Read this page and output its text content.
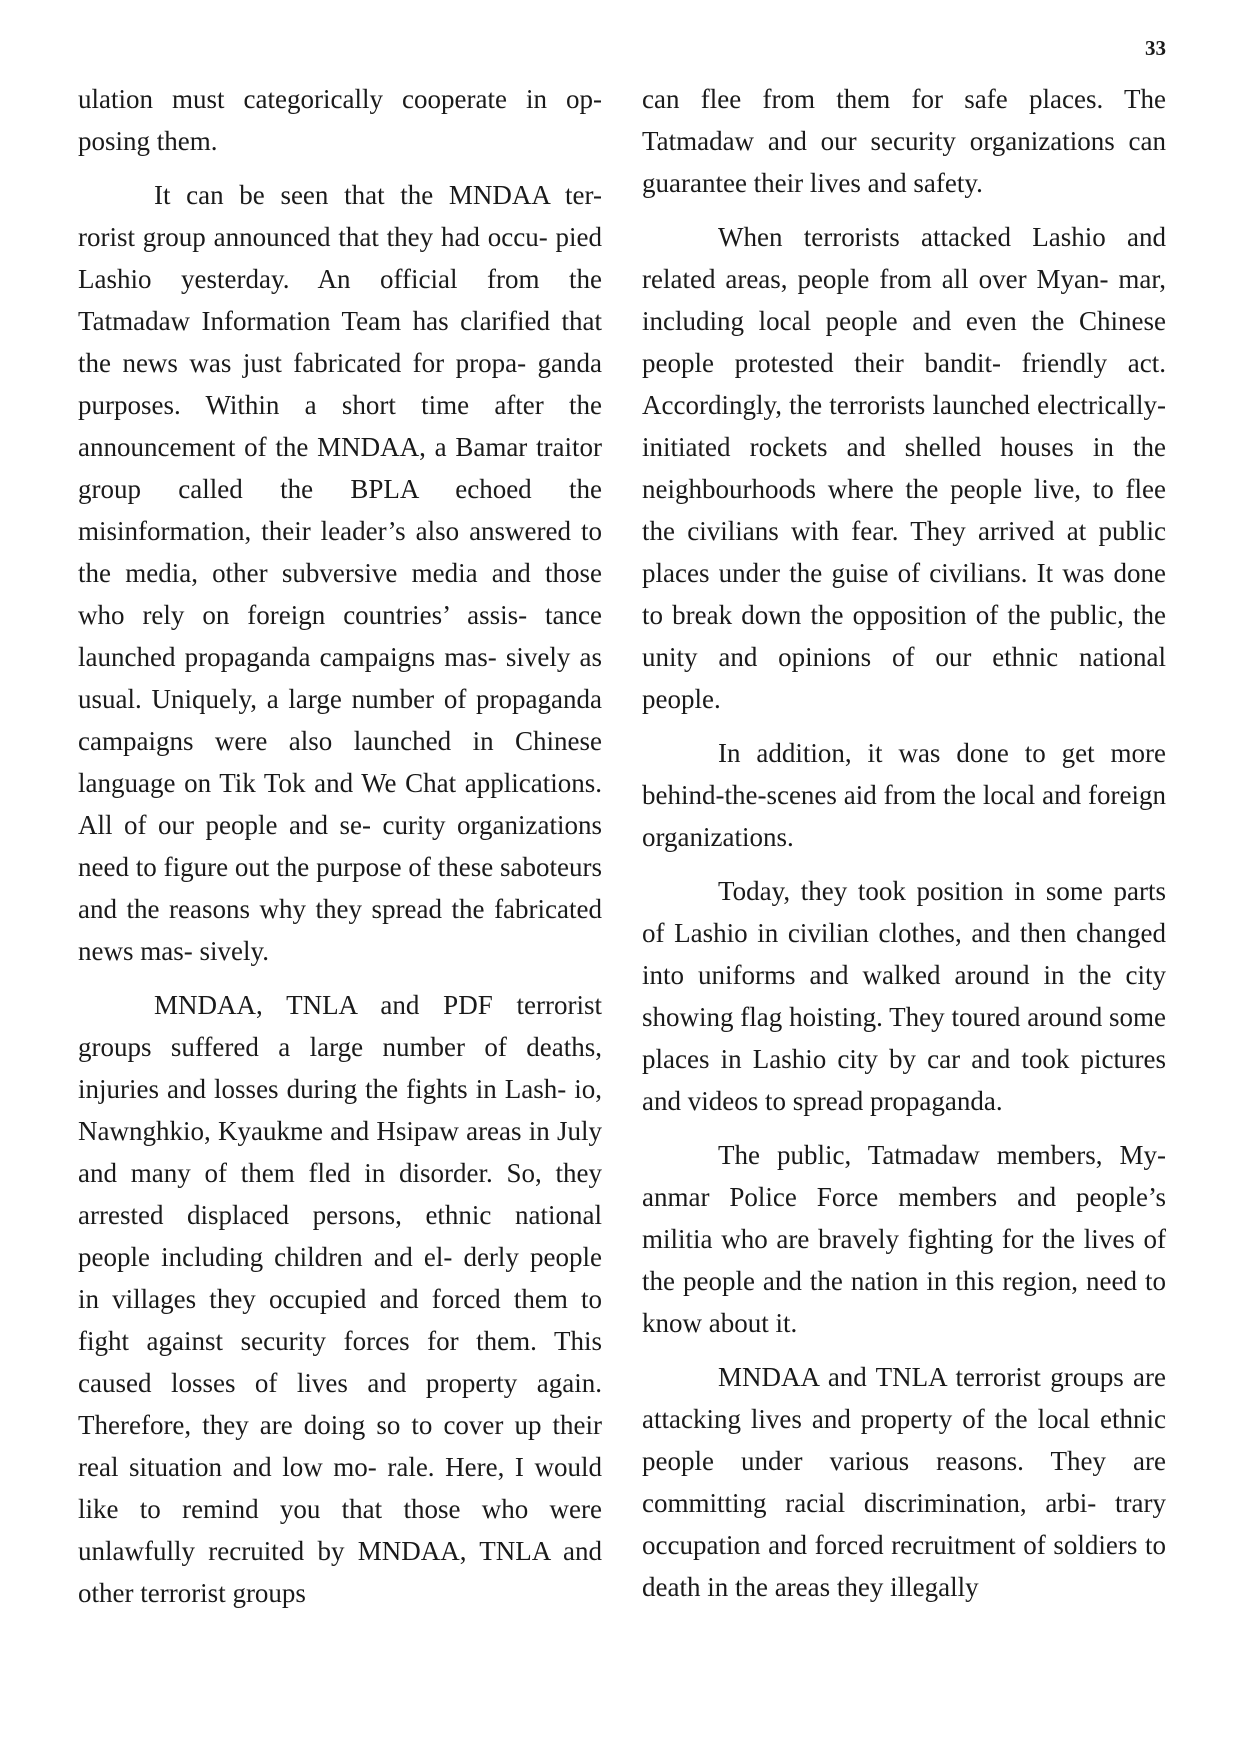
33

ulation must categorically cooperate in op- posing them.

It can be seen that the MNDAA ter- rorist group announced that they had occu- pied Lashio yesterday. An official from the Tatmadaw Information Team has clarified that the news was just fabricated for propa- ganda purposes. Within a short time after the announcement of the MNDAA, a Bamar traitor group called the BPLA echoed the misinformation, their leader’s also answered to the media, other subversive media and those who rely on foreign countries’ assis- tance launched propaganda campaigns mas- sively as usual. Uniquely, a large number of propaganda campaigns were also launched in Chinese language on Tik Tok and We Chat applications. All of our people and se- curity organizations need to figure out the purpose of these saboteurs and the reasons why they spread the fabricated news mas- sively.

MNDAA, TNLA and PDF terrorist groups suffered a large number of deaths, injuries and losses during the fights in Lash- io, Nawnghkio, Kyaukme and Hsipaw areas in July and many of them fled in disorder. So, they arrested displaced persons, ethnic national people including children and el- derly people in villages they occupied and forced them to fight against security forces for them. This caused losses of lives and property again. Therefore, they are doing so to cover up their real situation and low mo- rale. Here, I would like to remind you that those who were unlawfully recruited by MNDAA, TNLA and other terrorist groups

can flee from them for safe places. The Tatmadaw and our security organizations can guarantee their lives and safety.

When terrorists attacked Lashio and related areas, people from all over Myan- mar, including local people and even the Chinese people protested their bandit- friendly act. Accordingly, the terrorists launched electrically-initiated rockets and shelled houses in the neighbourhoods where the people live, to flee the civilians with fear. They arrived at public places under the guise of civilians. It was done to break down the opposition of the public, the unity and opinions of our ethnic national people.

In addition, it was done to get more behind-the-scenes aid from the local and foreign organizations.

Today, they took position in some parts of Lashio in civilian clothes, and then changed into uniforms and walked around in the city showing flag hoisting. They toured around some places in Lashio city by car and took pictures and videos to spread propaganda.

The public, Tatmadaw members, My- anmar Police Force members and people’s militia who are bravely fighting for the lives of the people and the nation in this region, need to know about it.

MNDAA and TNLA terrorist groups are attacking lives and property of the local ethnic people under various reasons. They are committing racial discrimination, arbi- trary occupation and forced recruitment of soldiers to death in the areas they illegally
